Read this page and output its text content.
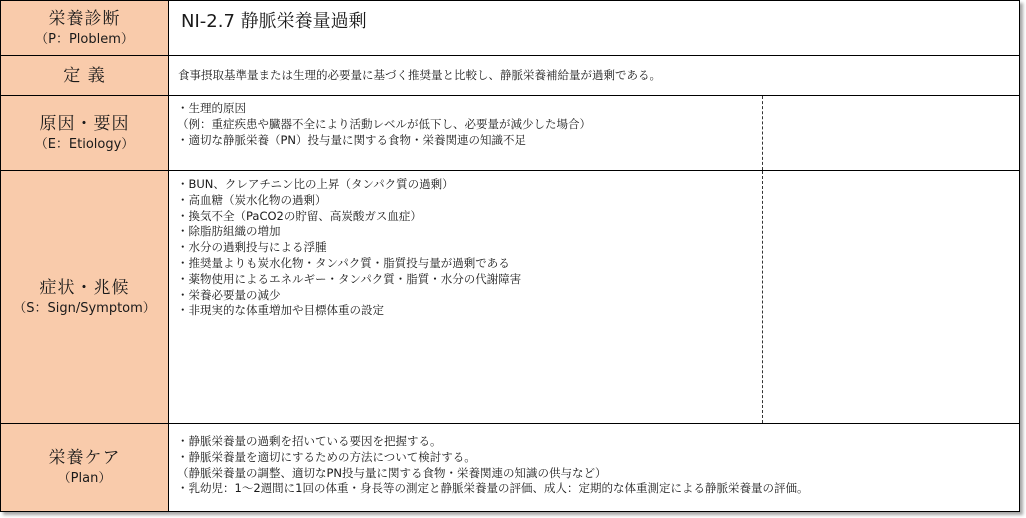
栄養診断
（P：Ploblem）
NI-2.7 静脈栄養量過剰
定 義	食事摂取基準量または生理的必要量に基づく推奨量と比較し、静脈栄養補給量が過剰である。

原因・要因
（E：Etiology）

・生理的原因

（例：重症疾患や臓器不全により活動レベルが低下し、必要量が減少した場合）

・適切な静脈栄養（PN）投与量に関する食物・栄養関連の知識不足

症状・兆候
（S：Sign/Symptom）

・BUN、クレアチニン比の上昇（タンパク質の過剰）

・高血糖（炭水化物の過剰）

・換気不全（PaCO2の貯留、高炭酸ガス血症）

・除脂肪組織の増加

・水分の過剰投与による浮腫

・推奨量よりも炭水化物・タンパク質・脂質投与量が過剰である

・薬物使用によるエネルギー・タンパク質・脂質・水分の代謝障害

・栄養必要量の減少

・非現実的な体重増加や目標体重の設定

栄養ケア
（Plan）

・静脈栄養量の過剰を招いている要因を把握する。

・静脈栄養量を適切にするための方法について検討する。

（静脈栄養量の調整、適切なPN投与量に関する食物・栄養関連の知識の供与など）

・乳幼児：1～2週間に1回の体重・身長等の測定と静脈栄養量の評価、成人：定期的な体重測定による静脈栄養量の評価。
